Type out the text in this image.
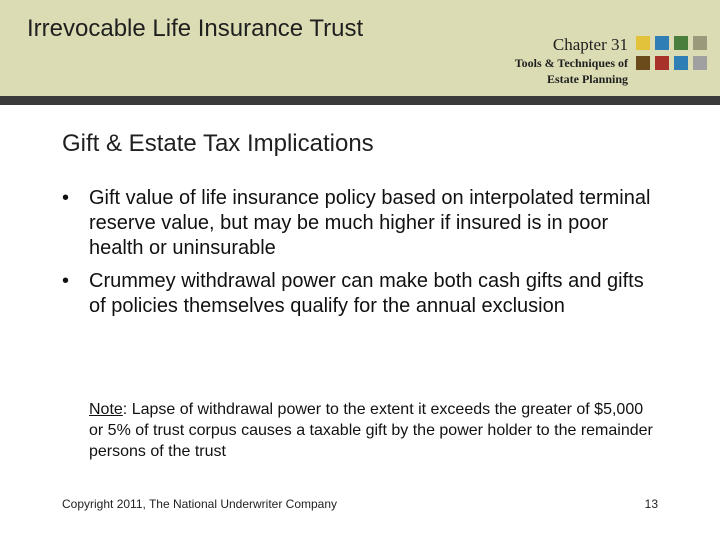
Irrevocable Life Insurance Trust
Chapter 31
Tools & Techniques of
Estate Planning
Gift & Estate Tax Implications
• Gift value of life insurance policy based on interpolated terminal reserve value, but may be much higher if insured is in poor health or uninsurable
• Crummey withdrawal power can make both cash gifts and gifts of policies themselves qualify for the annual exclusion
Note: Lapse of withdrawal power to the extent it exceeds the greater of $5,000 or 5% of trust corpus causes a taxable gift by the power holder to the remainder persons of the trust
Copyright 2011, The National Underwriter Company	13
